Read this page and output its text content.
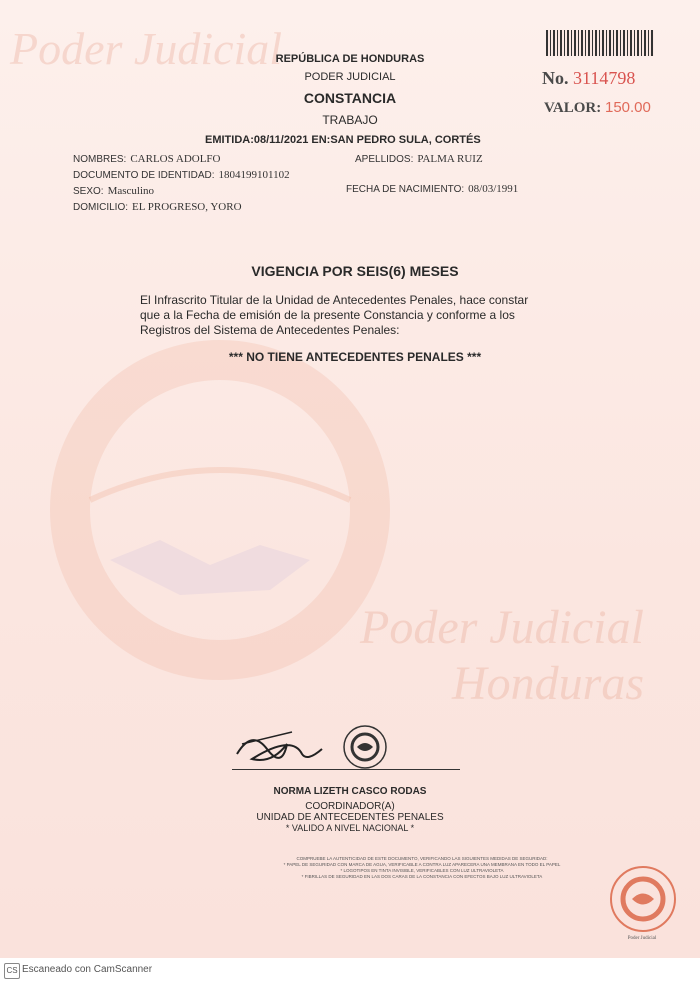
Poder Judicial
Poder Judicial
Honduras
REPÚBLICA DE HONDURAS
PODER JUDICIAL
CONSTANCIA
TRABAJO
EMITIDA:08/11/2021 EN:SAN PEDRO SULA, CORTÉS
No. 3114798
VALOR: 150.00
NOMBRES: CARLOS ADOLFO	APELLIDOS: PALMA RUIZ
DOCUMENTO DE IDENTIDAD: 1804199101102
SEXO: Masculino	FECHA DE NACIMIENTO: 08/03/1991
DOMICILIO: EL PROGRESO, YORO
VIGENCIA POR SEIS(6) MESES
El Infrascrito Titular de la Unidad de Antecedentes Penales, hace constar
que a la Fecha de emisión de la presente Constancia y conforme a los
Registros del Sistema de Antecedentes Penales:
*** NO TIENE ANTECEDENTES PENALES ***
NORMA LIZETH CASCO RODAS
COORDINADOR(A)
UNIDAD DE ANTECEDENTES PENALES
* VALIDO A NIVEL NACIONAL *
COMPRUEBE LA AUTENTICIDAD DE ESTE DOCUMENTO, VERIFICANDO LAS SIGUIENTES MEDIDAS DE SEGURIDAD:
* PAPEL DE SEGURIDAD CON MARCA DE AGUA, VERIFICABLE A CONTRA LUZ APARECERA UNA MEMBRANA EN TODO EL PAPEL
* LOGOTIPOS EN TINTA INVISIBLE, VERIFICABLES CON LUZ ULTRAVIOLETA
* FIBRILLAS DE SEGURIDAD EN LAS DOS CARAS DE LA CONSTANCIA CON EFECTOS BAJO LUZ ULTRAVIOLETA
Poder Judicial
CS Escaneado con CamScanner
